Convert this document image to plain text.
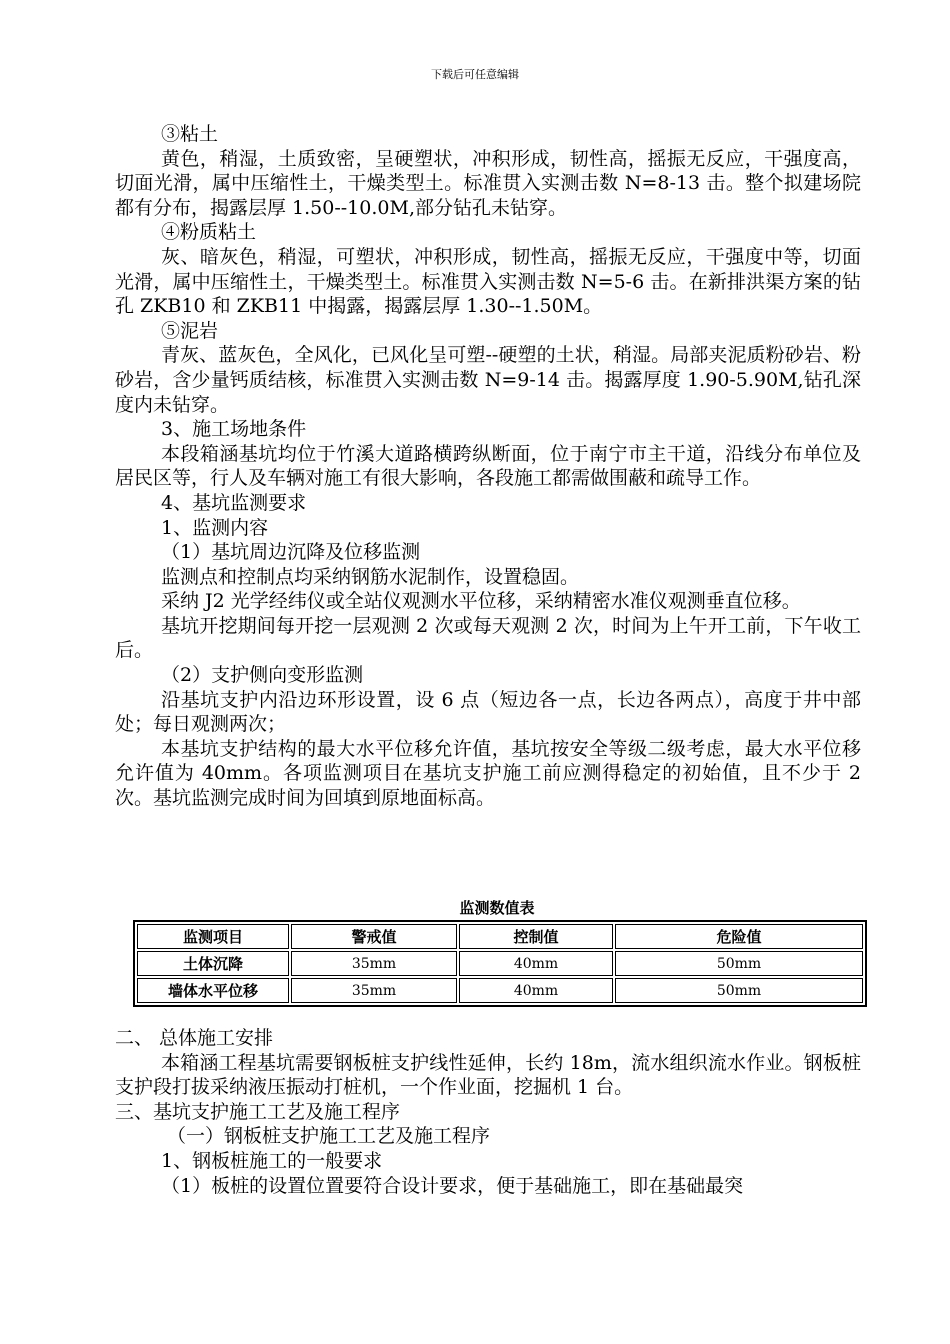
下载后可任意编辑

③粘土

黄色，稍湿，土质致密，呈硬塑状，冲积形成，韧性高，摇振无反应，干强度高，切面光滑，属中压缩性土，干燥类型土。标准贯入实测击数 N=8-13 击。整个拟建场院都有分布，揭露层厚 1.50--10.0M,部分钻孔未钻穿。

④粉质粘土

灰、暗灰色，稍湿，可塑状，冲积形成，韧性高，摇振无反应，干强度中等，切面光滑，属中压缩性土，干燥类型土。标准贯入实测击数 N=5-6 击。在新排洪渠方案的钻孔 ZKB10 和 ZKB11 中揭露，揭露层厚 1.30--1.50M。

⑤泥岩

青灰、蓝灰色，全风化，已风化呈可塑--硬塑的土状，稍湿。局部夹泥质粉砂岩、粉砂岩，含少量钙质结核，标准贯入实测击数 N=9-14 击。揭露厚度 1.90-5.90M,钻孔深度内未钻穿。

3、施工场地条件

本段箱涵基坑均位于竹溪大道路横跨纵断面，位于南宁市主干道，沿线分布单位及居民区等，行人及车辆对施工有很大影响，各段施工都需做围蔽和疏导工作。

4、基坑监测要求

1、监测内容

（1）基坑周边沉降及位移监测

监测点和控制点均采纳钢筋水泥制作，设置稳固。

采纳 J2 光学经纬仪或全站仪观测水平位移，采纳精密水准仪观测垂直位移。

基坑开挖期间每开挖一层观测 2 次或每天观测 2 次，时间为上午开工前，下午收工后。

（2）支护侧向变形监测

沿基坑支护内沿边环形设置，设 6 点（短边各一点，长边各两点），高度于井中部处；每日观测两次；

本基坑支护结构的最大水平位移允许值，基坑按安全等级二级考虑，最大水平位移允许值为 40mm。各项监测项目在基坑支护施工前应测得稳定的初始值，且不少于 2 次。基坑监测完成时间为回填到原地面标高。

监测数值表
监测项目	警戒值	控制值	危险值
土体沉降	35mm	40mm	50mm
墙体水平位移	35mm	40mm	50mm

二、 总体施工安排

本箱涵工程基坑需要钢板桩支护线性延伸，长约 18m，流水组织流水作业。钢板桩支护段打拔采纳液压振动打桩机，一个作业面，挖掘机 1 台。

三、基坑支护施工工艺及施工程序

（一）钢板桩支护施工工艺及施工程序

1、钢板桩施工的一般要求

（1）板桩的设置位置要符合设计要求，便于基础施工，即在基础最突
